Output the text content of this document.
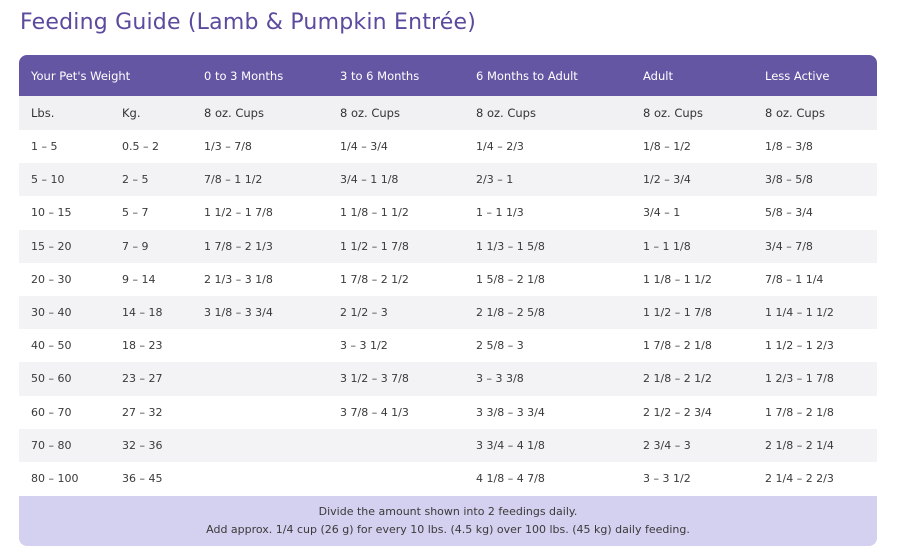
Feeding Guide (Lamb & Pumpkin Entrée)
Your Pet's Weight		0 to 3 Months	3 to 6 Months	6 Months to Adult	Adult	Less Active
Lbs.	Kg.	8 oz. Cups	8 oz. Cups	8 oz. Cups	8 oz. Cups	8 oz. Cups
1 – 5	0.5 – 2	1/3 – 7/8	1/4 – 3/4	1/4 – 2/3	1/8 – 1/2	1/8 – 3/8
5 – 10	2 – 5	7/8 – 1 1/2	3/4 – 1 1/8	2/3 – 1	1/2 – 3/4	3/8 – 5/8
10 – 15	5 – 7	1 1/2 – 1 7/8	1 1/8 – 1 1/2	1 – 1 1/3	3/4 – 1	5/8 – 3/4
15 – 20	7 – 9	1 7/8 – 2 1/3	1 1/2 – 1 7/8	1 1/3 – 1 5/8	1 – 1 1/8	3/4 – 7/8
20 – 30	9 – 14	2 1/3 – 3 1/8	1 7/8 – 2 1/2	1 5/8 – 2 1/8	1 1/8 – 1 1/2	7/8 – 1 1/4
30 – 40	14 – 18	3 1/8 – 3 3/4	2 1/2 – 3	2 1/8 – 2 5/8	1 1/2 – 1 7/8	1 1/4 – 1 1/2
40 – 50	18 – 23		3 – 3 1/2	2 5/8 – 3	1 7/8 – 2 1/8	1 1/2 – 1 2/3
50 – 60	23 – 27		3 1/2 – 3 7/8	3 – 3 3/8	2 1/8 – 2 1/2	1 2/3 – 1 7/8
60 – 70	27 – 32		3 7/8 – 4 1/3	3 3/8 – 3 3/4	2 1/2 – 2 3/4	1 7/8 – 2 1/8
70 – 80	32 – 36			3 3/4 – 4 1/8	2 3/4 – 3	2 1/8 – 2 1/4
80 – 100	36 – 45			4 1/8 – 4 7/8	3 – 3 1/2	2 1/4 – 2 2/3
Divide the amount shown into 2 feedings daily.
Add approx. 1/4 cup (26 g) for every 10 lbs. (4.5 kg) over 100 lbs. (45 kg) daily feeding.
